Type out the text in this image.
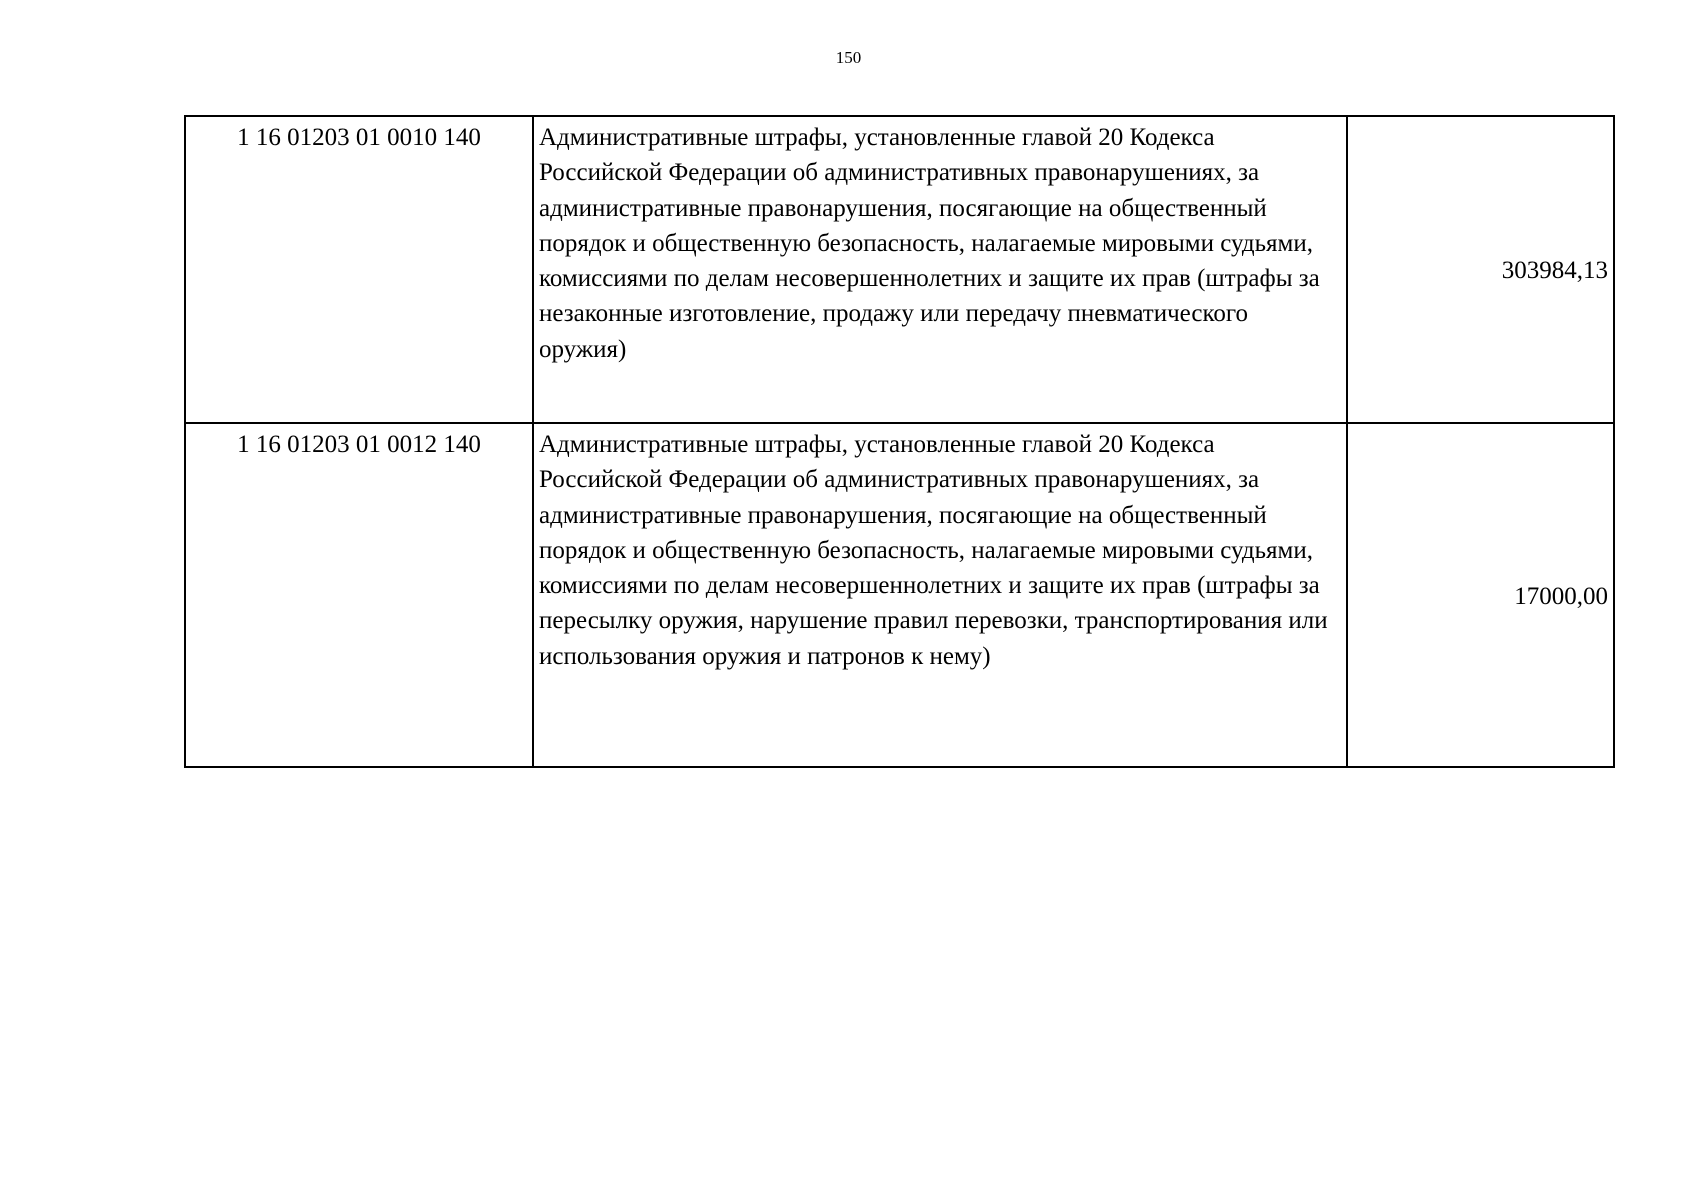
150
1 16 01203 01 0010 140	Административные штрафы, установленные главой 20 Кодекса Российской Федерации об административных правонарушениях, за административные правонарушения, посягающие на общественный порядок и общественную безопасность, налагаемые мировыми судьями, комиссиями по делам несовершеннолетних и защите их прав (штрафы за незаконные изготовление, продажу или передачу пневматического оружия)	303984,13
1 16 01203 01 0012 140	Административные штрафы, установленные главой 20 Кодекса Российской Федерации об административных правонарушениях, за административные правонарушения, посягающие на общественный порядок и общественную безопасность, налагаемые мировыми судьями, комиссиями по делам несовершеннолетних и защите их прав (штрафы за пересылку оружия, нарушение правил перевозки, транспортирования или использования оружия и патронов к нему)	17000,00
